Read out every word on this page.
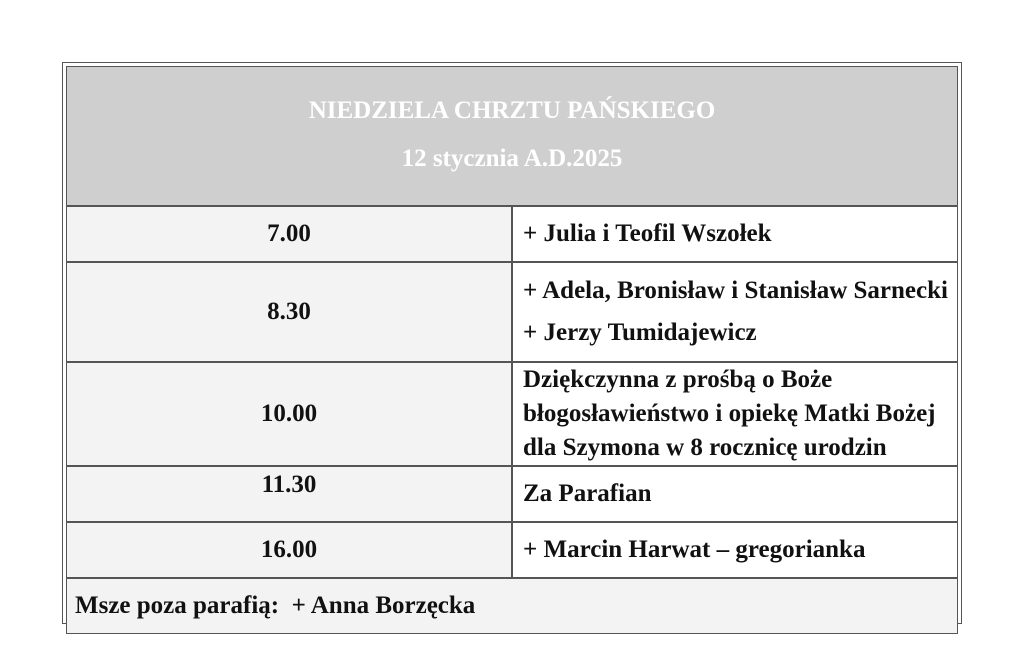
NIEDZIELA CHRZTU PAŃSKIEGO
12 stycznia A.D.2025	

7.00	+ Julia i Teofil Wszołek

8.30	+ Adela, Bronisław i Stanisław Sarnecki
+ Jerzy Tumidajewicz

10.00	Dziękczynna z prośbą o Boże błogosławieństwo i opiekę Matki Bożej dla Szymona w 8 rocznicę urodzin

11.30	Za Parafian

16.00	+ Marcin Harwat – gregorianka

Msze poza parafią:  + Anna Borzęcka	
